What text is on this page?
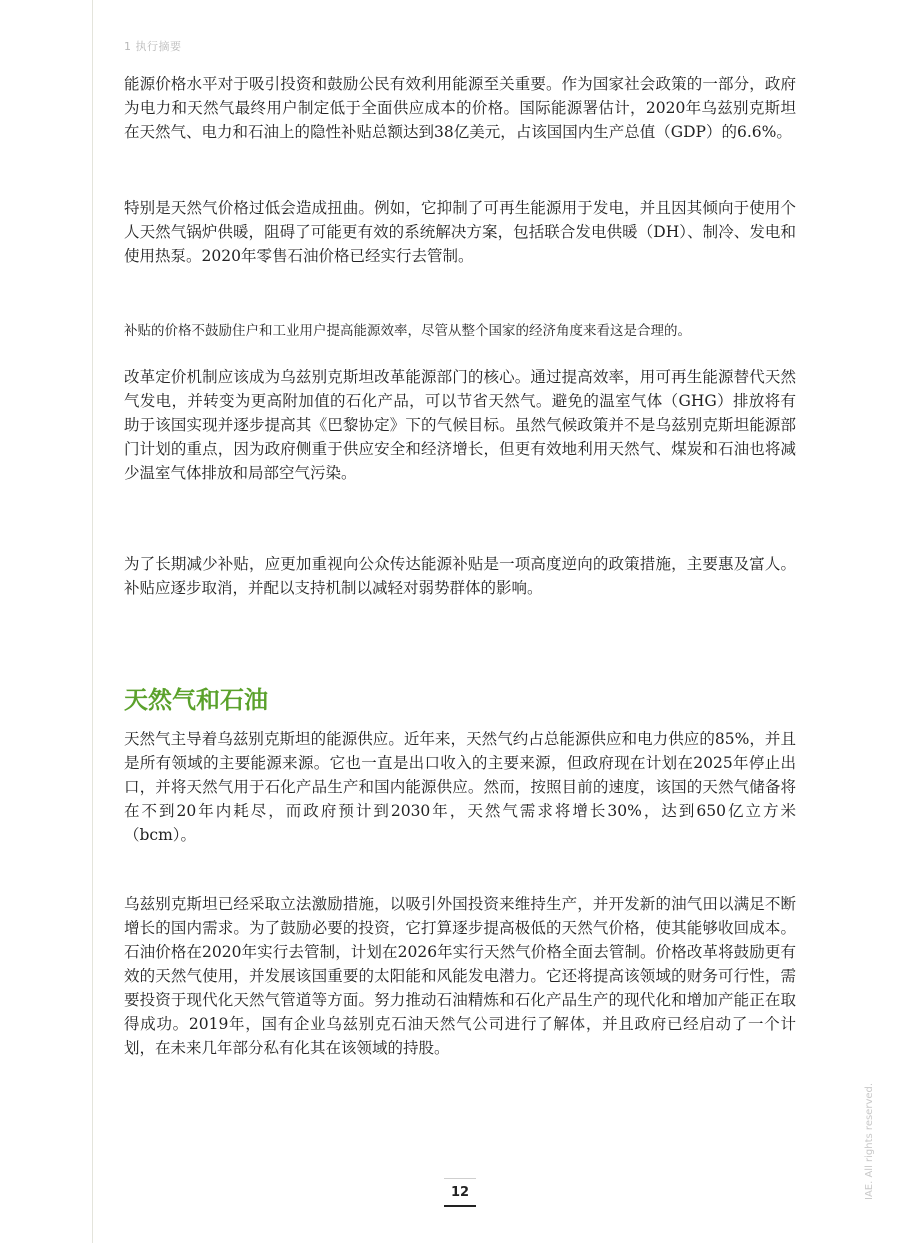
1 执行摘要

能源价格水平对于吸引投资和鼓励公民有效利用能源至关重要。作为国家社会政策的一部分，政府为电力和天然气最终用户制定低于全面供应成本的价格。国际能源署估计，2020年乌兹别克斯坦在天然气、电力和石油上的隐性补贴总额达到38亿美元，占该国国内生产总值（GDP）的6.6%。

特别是天然气价格过低会造成扭曲。例如，它抑制了可再生能源用于发电，并且因其倾向于使用个人天然气锅炉供暖，阻碍了可能更有效的系统解决方案，包括联合发电供暖（DH）、制冷、发电和使用热泵。2020年零售石油价格已经实行去管制。

补贴的价格不鼓励住户和工业用户提高能源效率，尽管从整个国家的经济角度来看这是合理的。

改革定价机制应该成为乌兹别克斯坦改革能源部门的核心。通过提高效率，用可再生能源替代天然气发电，并转变为更高附加值的石化产品，可以节省天然气。避免的温室气体（GHG）排放将有助于该国实现并逐步提高其《巴黎协定》下的气候目标。虽然气候政策并不是乌兹别克斯坦能源部门计划的重点，因为政府侧重于供应安全和经济增长，但更有效地利用天然气、煤炭和石油也将减少温室气体排放和局部空气污染。

为了长期减少补贴，应更加重视向公众传达能源补贴是一项高度逆向的政策措施，主要惠及富人。补贴应逐步取消，并配以支持机制以减轻对弱势群体的影响。

天然气和石油

天然气主导着乌兹别克斯坦的能源供应。近年来，天然气约占总能源供应和电力供应的85%，并且是所有领域的主要能源来源。它也一直是出口收入的主要来源，但政府现在计划在2025年停止出口，并将天然气用于石化产品生产和国内能源供应。然而，按照目前的速度，该国的天然气储备将在不到20年内耗尽，而政府预计到2030年，天然气需求将增长30%，达到650亿立方米（bcm）。

乌兹别克斯坦已经采取立法激励措施，以吸引外国投资来维持生产，并开发新的油气田以满足不断增长的国内需求。为了鼓励必要的投资，它打算逐步提高极低的天然气价格，使其能够收回成本。石油价格在2020年实行去管制，计划在2026年实行天然气价格全面去管制。价格改革将鼓励更有效的天然气使用，并发展该国重要的太阳能和风能发电潜力。它还将提高该领域的财务可行性，需要投资于现代化天然气管道等方面。努力推动石油精炼和石化产品生产的现代化和增加产能正在取得成功。2019年，国有企业乌兹别克石油天然气公司进行了解体，并且政府已经启动了一个计划，在未来几年部分私有化其在该领域的持股。

12	IAE. All rights reserved.
